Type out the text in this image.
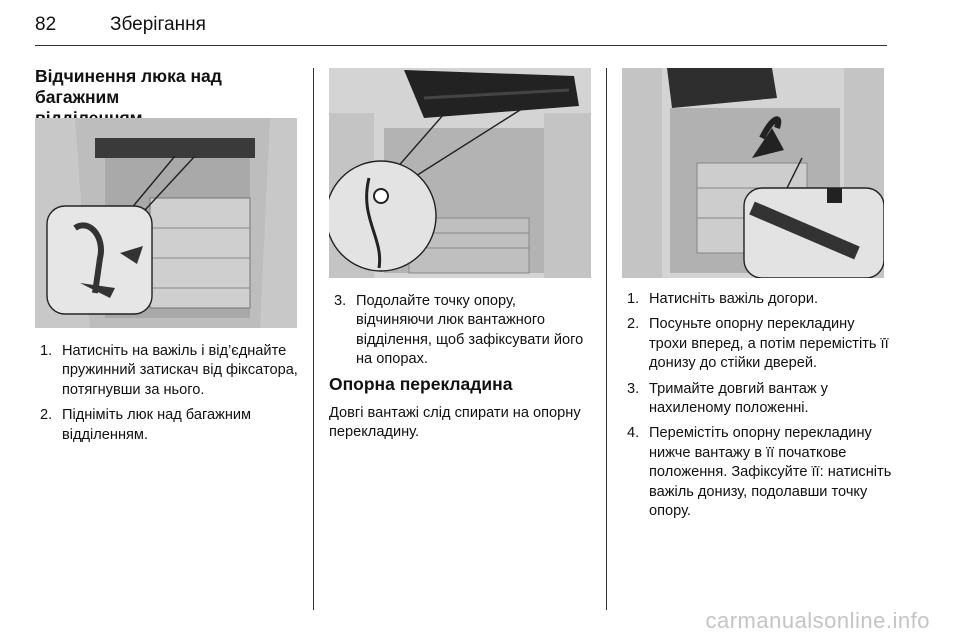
82	Зберігання
Відчинення люка над багажним

1. Натисніть на важіль і від’єднайте пружинний затискач від фіксатора, потягнувши за нього.
2. Підніміть люк над багажним відділенням.
3. Подолайте точку опору, відчиняючи люк вантажного відділення, щоб зафіксувати його на опорах.
Опорна перекладина

Довгі вантажі слід спирати на опорну перекладину.

1. Натисніть важіль догори.
2. Посуньте опорну перекладину трохи вперед, а потім перемістіть її донизу до стійки дверей.
3. Тримайте довгий вантаж у нахиленому положенні.
4. Перемістіть опорну перекладину нижче вантажу в її початкове положення. Зафіксуйте її: натисніть важіль донизу, подолавши точку опору.
carmanualsonline.info
